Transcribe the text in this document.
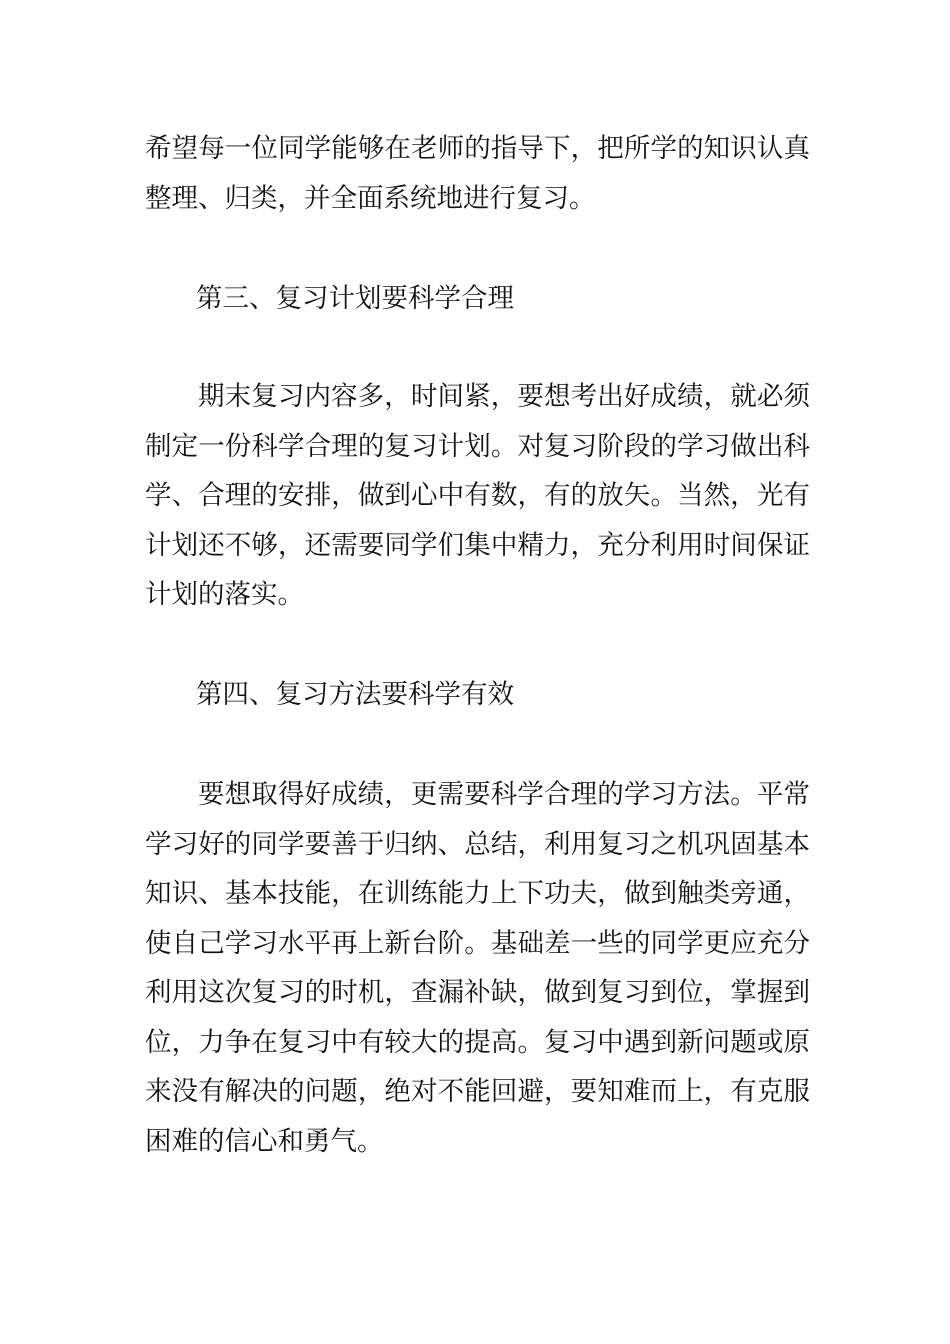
希望每一位同学能够在老师的指导下，把所学的知识认真整理、归类，并全面系统地进行复习。

第三、复习计划要科学合理

期末复习内容多，时间紧，要想考出好成绩，就必须制定一份科学合理的复习计划。对复习阶段的学习做出科学、合理的安排，做到心中有数，有的放矢。当然，光有计划还不够，还需要同学们集中精力，充分利用时间保证计划的落实。

第四、复习方法要科学有效

要想取得好成绩，更需要科学合理的学习方法。平常学习好的同学要善于归纳、总结，利用复习之机巩固基本知识、基本技能，在训练能力上下功夫，做到触类旁通，使自己学习水平再上新台阶。基础差一些的同学更应充分利用这次复习的时机，查漏补缺，做到复习到位，掌握到位，力争在复习中有较大的提高。复习中遇到新问题或原来没有解决的问题，绝对不能回避，要知难而上，有克服困难的信心和勇气。
